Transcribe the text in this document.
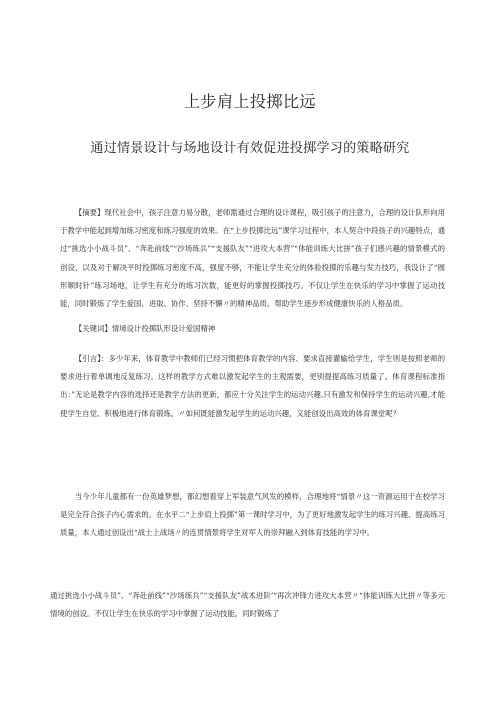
上步肩上投掷比远
通过情景设计与场地设计有效促进投掷学习的策略研究

【摘要】现代社会中，孩子注意力易分散，老师需通过合理的设计课程，吸引孩子的注意力，合理的设计队形向用于教学中能起到增加练习密度和练习强度的效果。在“上步投掷比远”课学习过程中，本人契合中段孩子的兴趣特点，通过“挑选小小战斗员”、“奔赴前线”“沙场练兵”“支援队友”“进攻大本营”“体能训练大比拼”孩子们感兴趣的情景模式的创设，以及对于解决平时投掷练习密度不高，强度不够，不能让学生充分的体验投掷的乐趣与发力技巧，我设计了“圆形顺时针”练习场地，让学生有充分的练习次数，能更好的掌握投掷技巧。不仅让学生在快乐的学习中掌握了运动技能，同时锻炼了学生爱国、进取、协作、坚持不懈〃的精神品质。帮助学生逐步形成健康快乐的人格品质。

【关键词】情境设计投掷队形设计爱国精神

【引言】：多少年来，体育教学中教师们已经习惯把体育教学的内容、要求直接灌输给学生，学生则是按照老师的要求进行着单调地反复练习。这样的教学方式难以激发起学生的主观需要，更别提提高练习质量了。体育课程标准指出：”无论是教学内容的选择还是教学方法的更新，都应十分关注学生的运动兴趣,只有激发和保持学生的运动兴趣,才能使学生自觉、积极地进行体育锻炼。〃如何既能激发起学生的运动兴趣，又能创设出高效的体育课堂呢？

当今少年儿童都有一份英雄梦想，都幻想着穿上军装意气风发的模样，合理地将“情景〃这一资源运用于在校学习是完全符合孩子内心需求的。在水平二“上步肩上投掷”第一课时学习中，为了更好地激发起学生的练习兴趣、提高练习质量，本人通过创设出“战士上战场〃的连贯情景将学生对军人的崇拜融入到体育技能的学习中。

通过挑选小小战斗员”、“奔赴前线”“沙场练兵”“支援队友”战术进阶’“再次冲锋力进攻大本营〃“体能训练大比拼〃等多元情境的创设。不仅让学生在快乐的学习中掌握了运动技能，同时锻炼了
